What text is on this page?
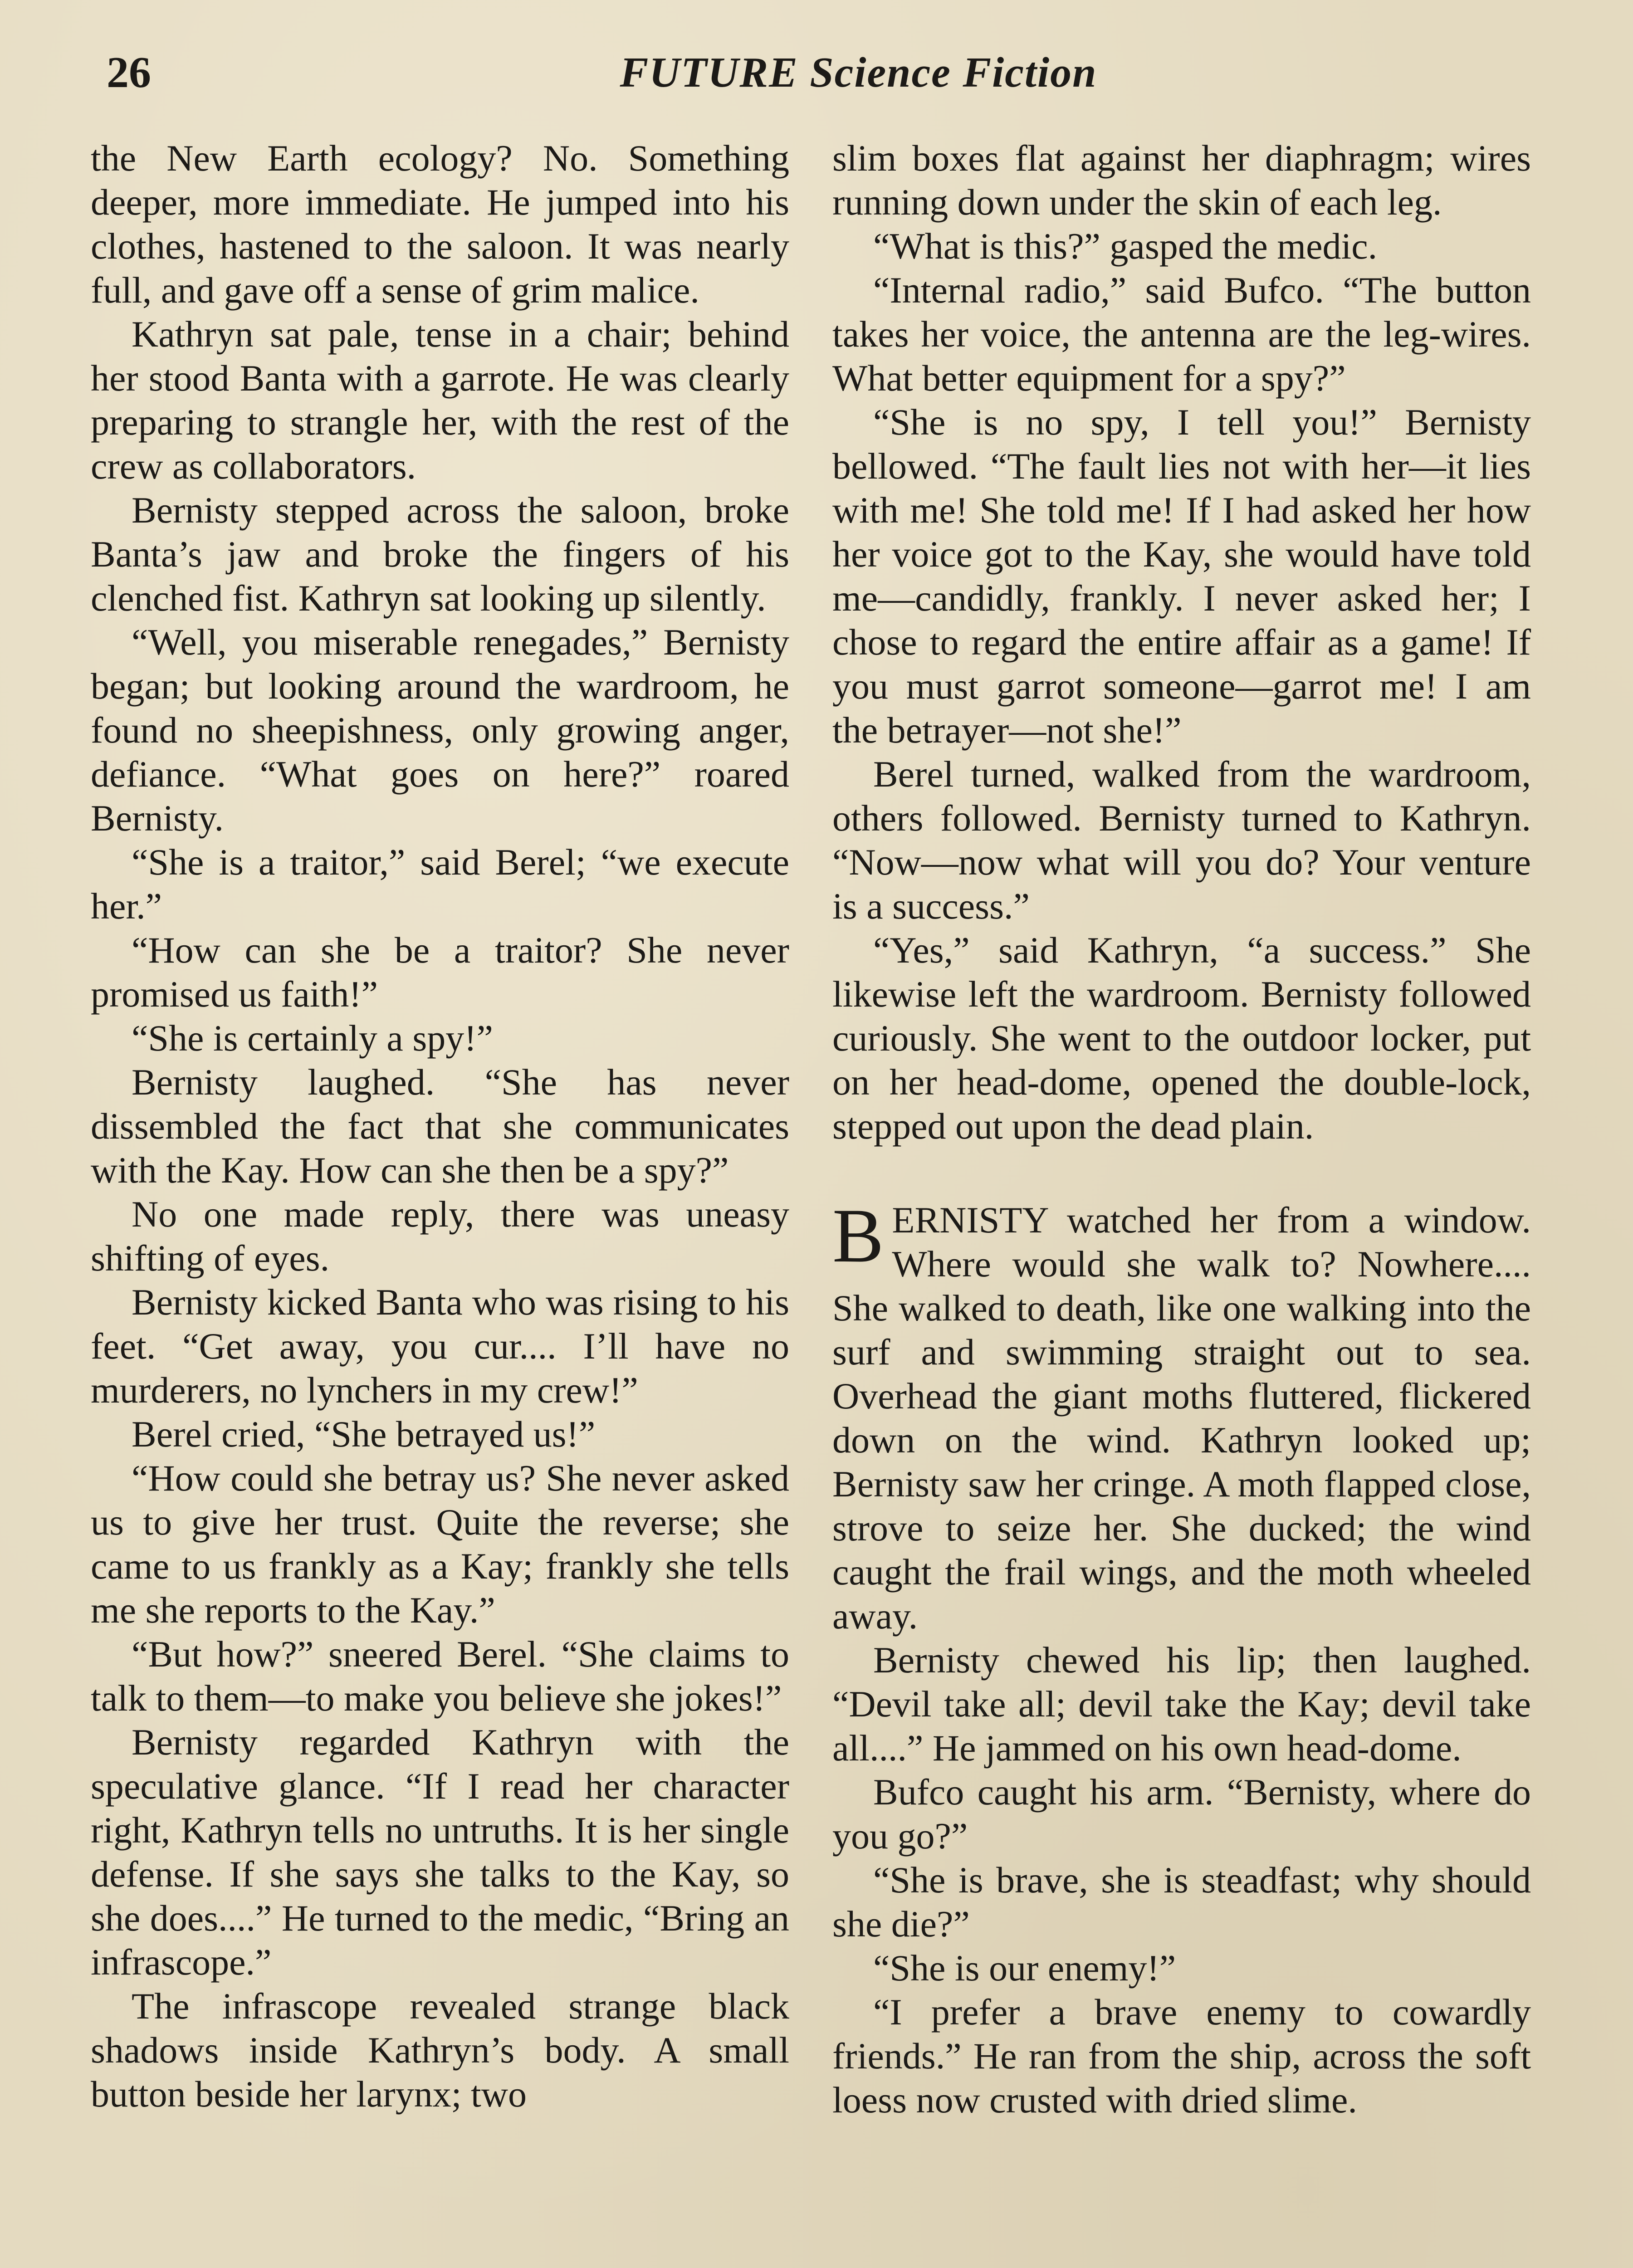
26	FUTURE Science Fiction

the New Earth ecology? No. Something deeper, more immediate. He jumped into his clothes, hastened to the saloon. It was nearly full, and gave off a sense of grim malice.

Kathryn sat pale, tense in a chair; behind her stood Banta with a garrote. He was clearly preparing to strangle her, with the rest of the crew as collaborators.

Bernisty stepped across the saloon, broke Banta’s jaw and broke the fingers of his clenched fist. Kathryn sat looking up silently.

“Well, you miserable renegades,” Bernisty began; but looking around the wardroom, he found no sheepishness, only growing anger, defiance. “What goes on here?” roared Bernisty.

“She is a traitor,” said Berel; “we execute her.”

“How can she be a traitor? She never promised us faith!”

“She is certainly a spy!”

Bernisty laughed. “She has never dissembled the fact that she communicates with the Kay. How can she then be a spy?”

No one made reply, there was uneasy shifting of eyes.

Bernisty kicked Banta who was rising to his feet. “Get away, you cur.... I’ll have no murderers, no lynchers in my crew!”

Berel cried, “She betrayed us!”

“How could she betray us? She never asked us to give her trust. Quite the reverse; she came to us frankly as a Kay; frankly she tells me she reports to the Kay.”

“But how?” sneered Berel. “She claims to talk to them—to make you believe she jokes!”

Bernisty regarded Kathryn with the speculative glance. “If I read her character right, Kathryn tells no untruths. It is her single defense. If she says she talks to the Kay, so she does....” He turned to the medic, “Bring an infrascope.”

The infrascope revealed strange black shadows inside Kathryn’s body. A small button beside her larynx; two

slim boxes flat against her diaphragm; wires running down under the skin of each leg.

“What is this?” gasped the medic.

“Internal radio,” said Bufco. “The button takes her voice, the antenna are the leg-wires. What better equipment for a spy?”

“She is no spy, I tell you!” Bernisty bellowed. “The fault lies not with her—it lies with me! She told me! If I had asked her how her voice got to the Kay, she would have told me—candidly, frankly. I never asked her; I chose to regard the entire affair as a game! If you must garrot someone—garrot me! I am the betrayer—not she!”

Berel turned, walked from the wardroom, others followed. Bernisty turned to Kathryn. “Now—now what will you do? Your venture is a success.”

“Yes,” said Kathryn, “a success.” She likewise left the wardroom. Bernisty followed curiously. She went to the outdoor locker, put on her head-dome, opened the double-lock, stepped out upon the dead plain.

BERNISTY watched her from a window. Where would she walk to? Nowhere.... She walked to death, like one walking into the surf and swimming straight out to sea. Overhead the giant moths fluttered, flickered down on the wind. Kathryn looked up; Bernisty saw her cringe. A moth flapped close, strove to seize her. She ducked; the wind caught the frail wings, and the moth wheeled away.

Bernisty chewed his lip; then laughed. “Devil take all; devil take the Kay; devil take all....” He jammed on his own head-dome.

Bufco caught his arm. “Bernisty, where do you go?”

“She is brave, she is steadfast; why should she die?”

“She is our enemy!”

“I prefer a brave enemy to cowardly friends.” He ran from the ship, across the soft loess now crusted with dried slime.
